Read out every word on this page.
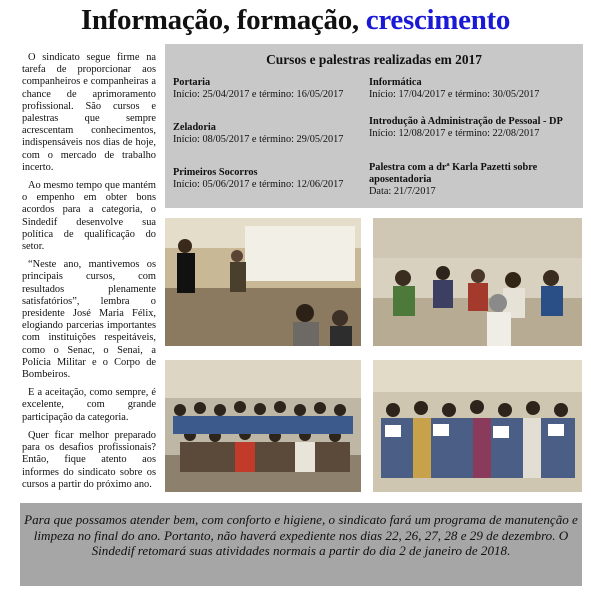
Informação, formação, crescimento

O sindicato segue firme na tarefa de proporcionar aos companheiros e companheiras a chance de aprimoramento profissional. São cursos e palestras que sempre acrescentam conhecimentos, indispensáveis nos dias de hoje, com o mercado de trabalho incerto.

Ao mesmo tempo que mantém o empenho em obter bons acordos para a categoria, o Sindedif desenvolve sua política de qualificação do setor.

“Neste ano, mantivemos os principais cursos, com resultados plenamente satisfatórios”, lembra o presidente José Maria Félix, elogiando parcerias importantes com instituições respeitáveis, como o Senac, o Senai, a Polícia Militar e o Corpo de Bombeiros.

E a aceitação, como sempre, é excelente, com grande participação da categoria.

Quer ficar melhor preparado para os desafios profissionais? Então, fique atento aos informes do sindicato sobre os cursos a partir do próximo ano.

Cursos e palestras realizadas em 2017
Portaria
Início: 25/04/2017 e término: 16/05/2017
Zeladoria
Início: 08/05/2017 e término: 29/05/2017
Primeiros Socorros
Início: 05/06/2017 e término: 12/06/2017
Informática
Início: 17/04/2017 e término: 30/05/2017
Introdução à Administração de Pessoal - DP
Início: 12/08/2017 e término: 22/08/2017
Palestra com a drª Karla Pazetti sobre aposentadoria
Data: 21/7/2017

Para que possamos atender bem, com conforto e higiene, o sindicato fará um programa de manutenção e limpeza no final do ano. Portanto, não haverá expediente nos dias 22, 26, 27, 28 e 29 de dezembro. O Sindedif retomará suas atividades normais a partir do dia 2 de janeiro de 2018.
